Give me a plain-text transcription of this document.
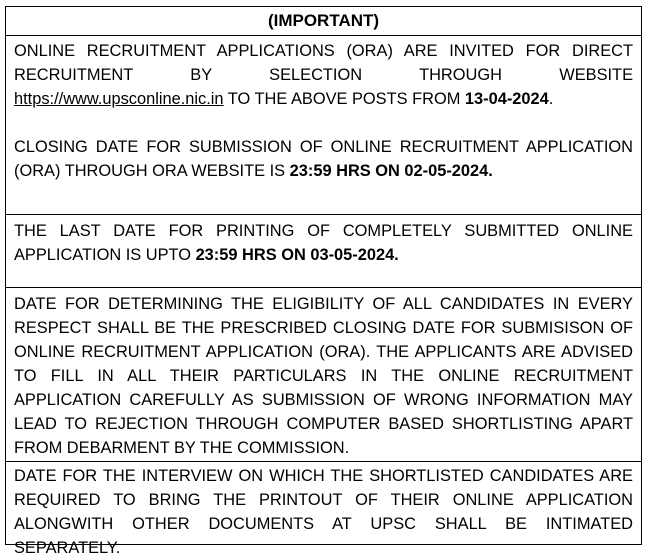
(IMPORTANT)

ONLINE RECRUITMENT APPLICATIONS (ORA) ARE INVITED FOR DIRECT RECRUITMENT BY SELECTION THROUGH WEBSITE https://www.upsconline.nic.in TO THE ABOVE POSTS FROM 13-04-2024.

CLOSING DATE FOR SUBMISSION OF ONLINE RECRUITMENT APPLICATION (ORA) THROUGH ORA WEBSITE IS 23:59 HRS ON 02-05-2024.

THE LAST DATE FOR PRINTING OF COMPLETELY SUBMITTED ONLINE APPLICATION IS UPTO 23:59 HRS ON 03-05-2024.

DATE FOR DETERMINING THE ELIGIBILITY OF ALL CANDIDATES IN EVERY RESPECT SHALL BE THE PRESCRIBED CLOSING DATE FOR SUBMISISON OF ONLINE RECRUITMENT APPLICATION (ORA). THE APPLICANTS ARE ADVISED TO FILL IN ALL THEIR PARTICULARS IN THE ONLINE RECRUITMENT APPLICATION CAREFULLY AS SUBMISSION OF WRONG INFORMATION MAY LEAD TO REJECTION THROUGH COMPUTER BASED SHORTLISTING APART FROM DEBARMENT BY THE COMMISSION.

DATE FOR THE INTERVIEW ON WHICH THE SHORTLISTED CANDIDATES ARE REQUIRED TO BRING THE PRINTOUT OF THEIR ONLINE APPLICATION ALONGWITH OTHER DOCUMENTS AT UPSC SHALL BE INTIMATED SEPARATELY.
